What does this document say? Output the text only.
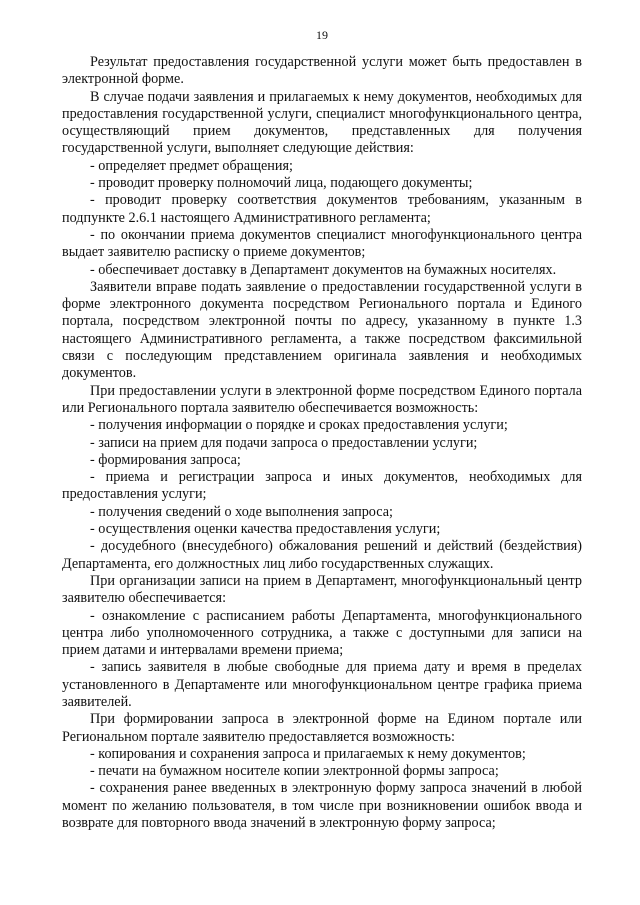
19

Результат предоставления государственной услуги может быть предоставлен в электронной форме.

В случае подачи заявления и прилагаемых к нему документов, необходимых для предоставления государственной услуги, специалист многофункционального центра, осуществляющий прием документов, представленных для получения государственной услуги, выполняет следующие действия:

- определяет предмет обращения;

- проводит проверку полномочий лица, подающего документы;

- проводит проверку соответствия документов требованиям, указанным в подпункте 2.6.1 настоящего Административного регламента;

- по окончании приема документов специалист многофункционального центра выдает заявителю расписку о приеме документов;

- обеспечивает доставку в Департамент документов на бумажных носителях.

Заявители вправе подать заявление о предоставлении государственной услуги в форме электронного документа посредством Регионального портала и Единого портала, посредством электронной почты по адресу, указанному в пункте 1.3 настоящего Административного регламента, а также посредством факсимильной связи с последующим представлением оригинала заявления и необходимых документов.

При предоставлении услуги в электронной форме посредством Единого портала или Регионального портала заявителю обеспечивается возможность:

- получения информации о порядке и сроках предоставления услуги;

- записи на прием для подачи запроса о предоставлении услуги;

- формирования запроса;

- приема и регистрации запроса и иных документов, необходимых для предоставления услуги;

- получения сведений о ходе выполнения запроса;

- осуществления оценки качества предоставления услуги;

- досудебного (внесудебного) обжалования решений и действий (бездействия) Департамента, его должностных лиц либо государственных служащих.

При организации записи на прием в Департамент, многофункциональный центр заявителю обеспечивается:

- ознакомление с расписанием работы Департамента, многофункционального центра либо уполномоченного сотрудника, а также с доступными для записи на прием датами и интервалами времени приема;

- запись заявителя в любые свободные для приема дату и время в пределах установленного в Департаменте или многофункциональном центре графика приема заявителей.

При формировании запроса в электронной форме на Едином портале или Региональном портале заявителю предоставляется возможность:

- копирования и сохранения запроса и прилагаемых к нему документов;

- печати на бумажном носителе копии электронной формы запроса;

- сохранения ранее введенных в электронную форму запроса значений в любой момент по желанию пользователя, в том числе при возникновении ошибок ввода и возврате для повторного ввода значений в электронную форму запроса;
